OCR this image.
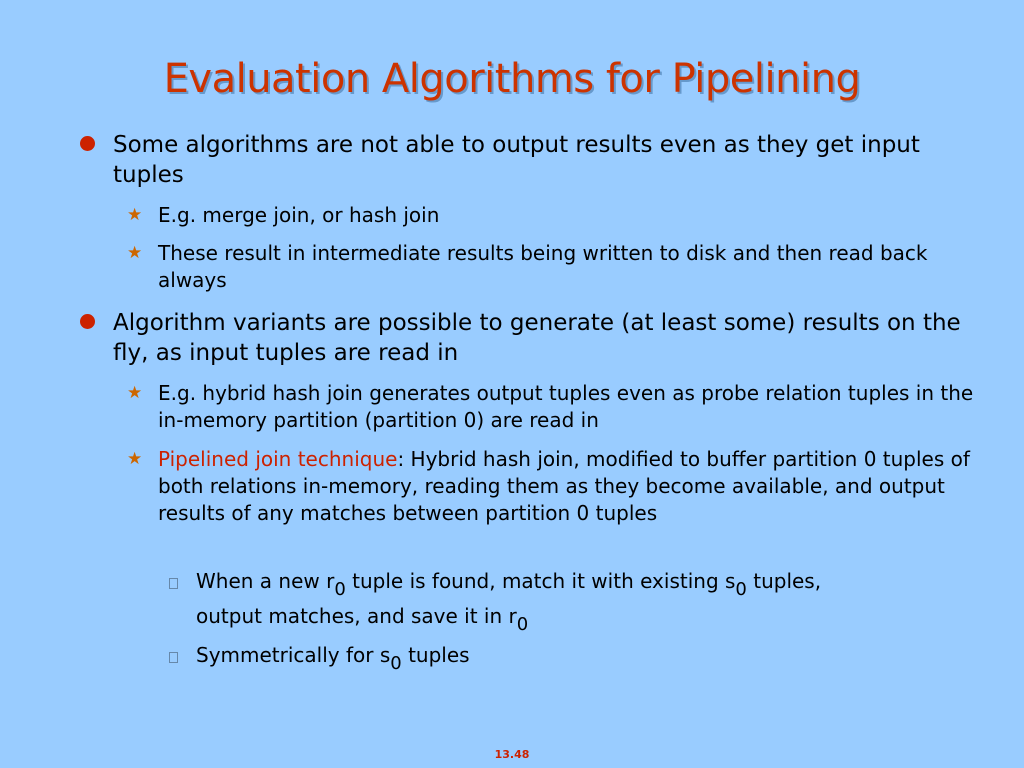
Evaluation Algorithms for Pipelining
Some algorithms are not able to output results even as they get input tuples
★ E.g. merge join, or hash join
★ These result in intermediate results being written to disk and then read back always
Algorithm variants are possible to generate (at least some) results on the fly, as input tuples are read in
★ E.g. hybrid hash join generates output tuples even as probe relation tuples in the in-memory partition (partition 0) are read in
★ Pipelined join technique: Hybrid hash join, modified to buffer partition 0 tuples of both relations in-memory, reading them as they become available, and output results of any matches between partition 0 tuples
When a new $r_0$ tuple is found, match it with existing $s_0$ tuples,
output matches, and save it in $r_0$
Symmetrically for $s_0$ tuples
13.48
